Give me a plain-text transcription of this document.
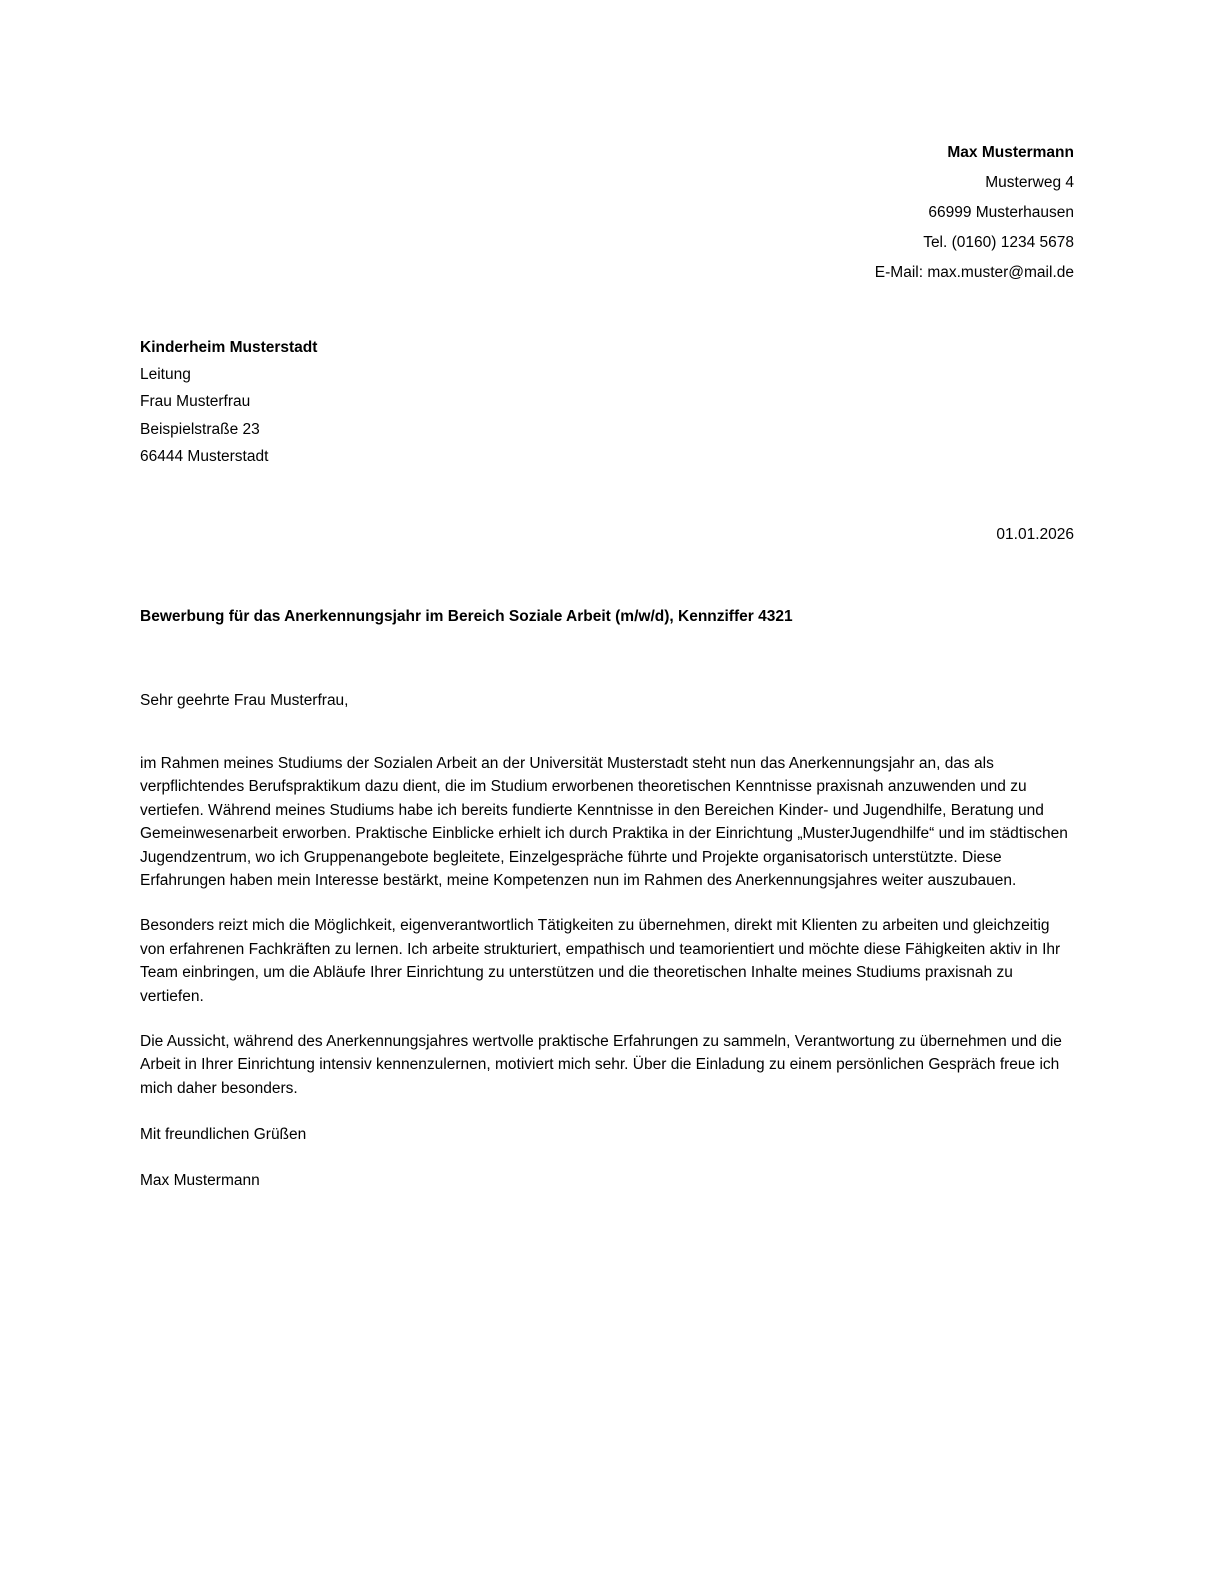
Max Mustermann
Musterweg 4
66999 Musterhausen
Tel. (0160) 1234 5678
E-Mail: max.muster@mail.de
Kinderheim Musterstadt
Leitung
Frau Musterfrau
Beispielstraße 23
66444 Musterstadt
01.01.2026
Bewerbung für das Anerkennungsjahr im Bereich Soziale Arbeit (m/w/d), Kennziffer 4321
Sehr geehrte Frau Musterfrau,

im Rahmen meines Studiums der Sozialen Arbeit an der Universität Musterstadt steht nun das Anerkennungsjahr an, das als verpflichtendes Berufspraktikum dazu dient, die im Studium erworbenen theoretischen Kenntnisse praxisnah anzuwenden und zu vertiefen. Während meines Studiums habe ich bereits fundierte Kenntnisse in den Bereichen Kinder- und Jugendhilfe, Beratung und Gemeinwesenarbeit erworben. Praktische Einblicke erhielt ich durch Praktika in der Einrichtung „MusterJugendhilfe“ und im städtischen Jugendzentrum, wo ich Gruppenangebote begleitete, Einzelgespräche führte und Projekte organisatorisch unterstützte. Diese Erfahrungen haben mein Interesse bestärkt, meine Kompetenzen nun im Rahmen des Anerkennungsjahres weiter auszubauen.

Besonders reizt mich die Möglichkeit, eigenverantwortlich Tätigkeiten zu übernehmen, direkt mit Klienten zu arbeiten und gleichzeitig von erfahrenen Fachkräften zu lernen. Ich arbeite strukturiert, empathisch und teamorientiert und möchte diese Fähigkeiten aktiv in Ihr Team einbringen, um die Abläufe Ihrer Einrichtung zu unterstützen und die theoretischen Inhalte meines Studiums praxisnah zu vertiefen.

Die Aussicht, während des Anerkennungsjahres wertvolle praktische Erfahrungen zu sammeln, Verantwortung zu übernehmen und die Arbeit in Ihrer Einrichtung intensiv kennenzulernen, motiviert mich sehr. Über die Einladung zu einem persönlichen Gespräch freue ich mich daher besonders.

Mit freundlichen Grüßen
Max Mustermann
